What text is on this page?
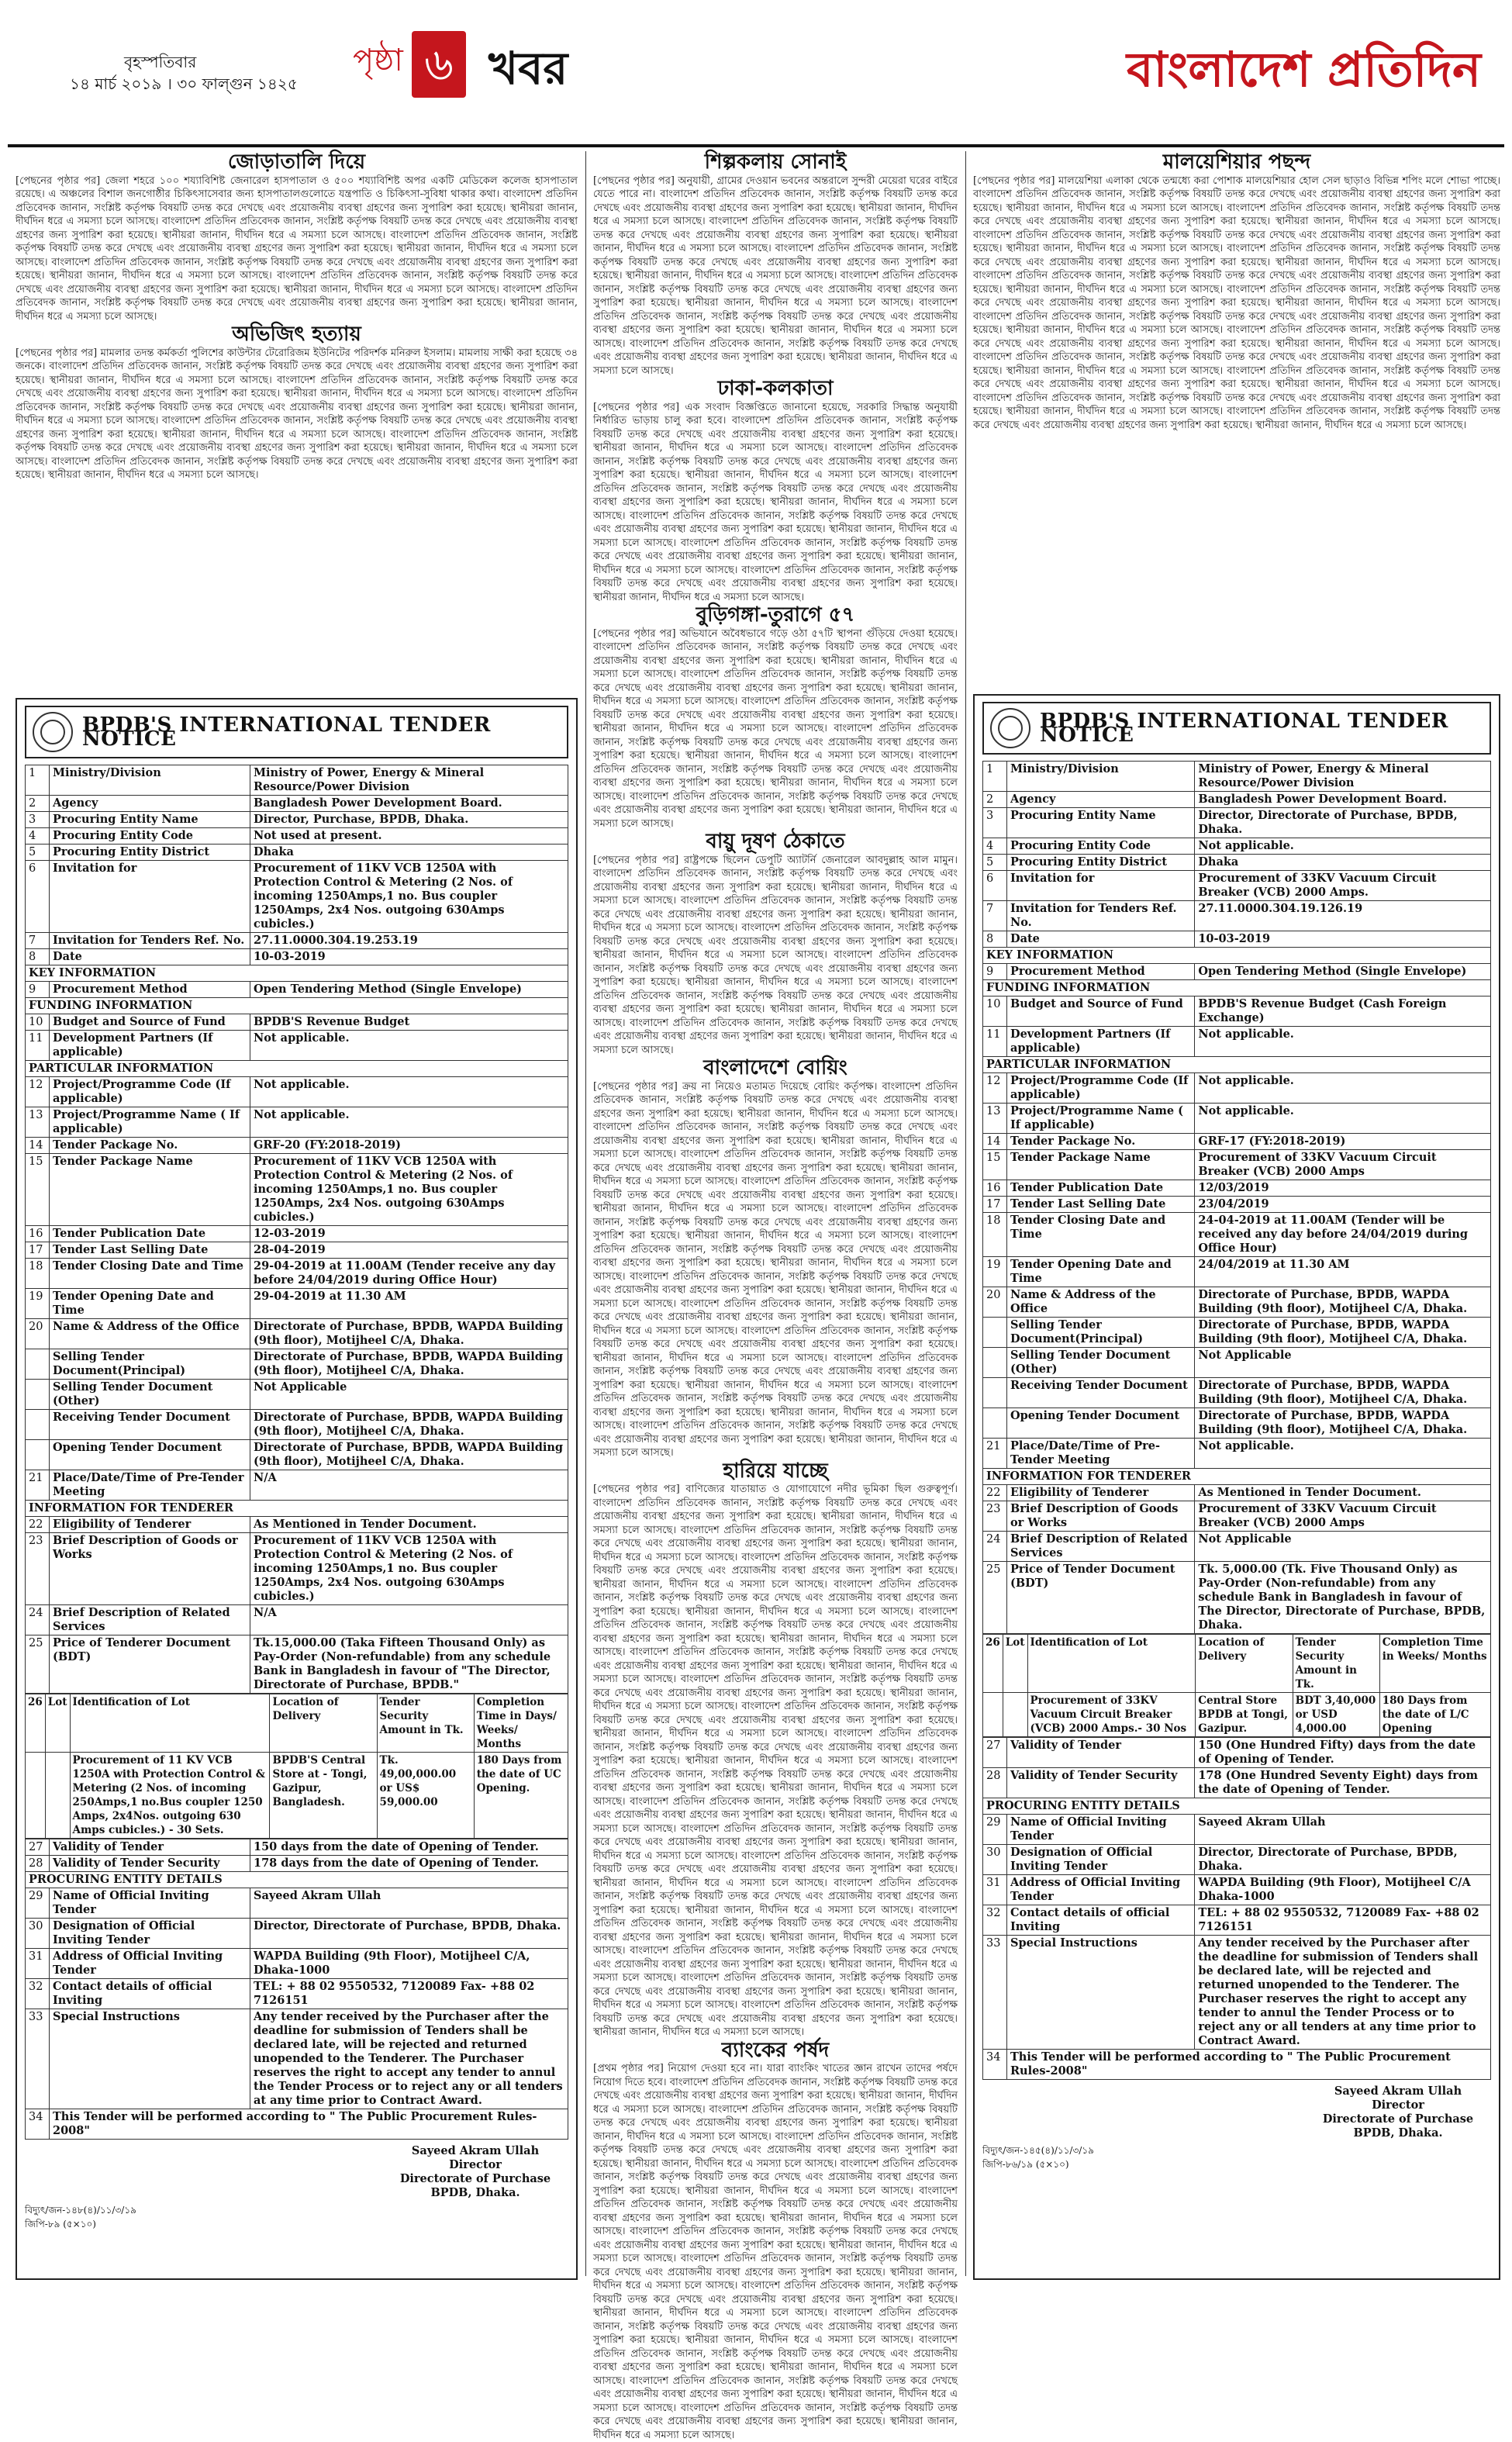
বৃহস্পতিবার
১৪ মার্চ ২০১৯ । ৩০ ফাল্গুন ১৪২৫
পৃষ্ঠা ৬ খবর	বাংলাদেশ প্রতিদিন
জোড়াতালি দিয়ে

[পেছনের পৃষ্ঠার পর] জেলা শহরে ১০০ শয্যাবিশিষ্ট জেনারেল হাসপাতাল ও ৫০০ শয্যাবিশিষ্ট অপর একটি মেডিকেল কলেজ হাসপাতাল রয়েছে। এ অঞ্চলের বিশাল জনগোষ্ঠীর চিকিৎসাসেবার জন্য হাসপাতালগুলোতে যন্ত্রপাতি ও চিকিৎসা-সুবিধা থাকার কথা। বাংলাদেশ প্রতিদিন প্রতিবেদক জানান, সংশ্লিষ্ট কর্তৃপক্ষ বিষয়টি তদন্ত করে দেখছে এবং প্রয়োজনীয় ব্যবস্থা গ্রহণের জন্য সুপারিশ করা হয়েছে। স্থানীয়রা জানান, দীর্ঘদিন ধরে এ সমস্যা চলে আসছে। বাংলাদেশ প্রতিদিন প্রতিবেদক জানান, সংশ্লিষ্ট কর্তৃপক্ষ বিষয়টি তদন্ত করে দেখছে এবং প্রয়োজনীয় ব্যবস্থা গ্রহণের জন্য সুপারিশ করা হয়েছে। স্থানীয়রা জানান, দীর্ঘদিন ধরে এ সমস্যা চলে আসছে। বাংলাদেশ প্রতিদিন প্রতিবেদক জানান, সংশ্লিষ্ট কর্তৃপক্ষ বিষয়টি তদন্ত করে দেখছে এবং প্রয়োজনীয় ব্যবস্থা গ্রহণের জন্য সুপারিশ করা হয়েছে। স্থানীয়রা জানান, দীর্ঘদিন ধরে এ সমস্যা চলে আসছে। বাংলাদেশ প্রতিদিন প্রতিবেদক জানান, সংশ্লিষ্ট কর্তৃপক্ষ বিষয়টি তদন্ত করে দেখছে এবং প্রয়োজনীয় ব্যবস্থা গ্রহণের জন্য সুপারিশ করা হয়েছে। স্থানীয়রা জানান, দীর্ঘদিন ধরে এ সমস্যা চলে আসছে। বাংলাদেশ প্রতিদিন প্রতিবেদক জানান, সংশ্লিষ্ট কর্তৃপক্ষ বিষয়টি তদন্ত করে দেখছে এবং প্রয়োজনীয় ব্যবস্থা গ্রহণের জন্য সুপারিশ করা হয়েছে। স্থানীয়রা জানান, দীর্ঘদিন ধরে এ সমস্যা চলে আসছে। বাংলাদেশ প্রতিদিন প্রতিবেদক জানান, সংশ্লিষ্ট কর্তৃপক্ষ বিষয়টি তদন্ত করে দেখছে এবং প্রয়োজনীয় ব্যবস্থা গ্রহণের জন্য সুপারিশ করা হয়েছে। স্থানীয়রা জানান, দীর্ঘদিন ধরে এ সমস্যা চলে আসছে।

অভিজিৎ হত্যায়

[পেছনের পৃষ্ঠার পর] মামলার তদন্ত কর্মকর্তা পুলিশের কাউন্টার টেরোরিজম ইউনিটের পরিদর্শক মনিরুল ইসলাম। মামলায় সাক্ষী করা হয়েছে ৩৪ জনকে। বাংলাদেশ প্রতিদিন প্রতিবেদক জানান, সংশ্লিষ্ট কর্তৃপক্ষ বিষয়টি তদন্ত করে দেখছে এবং প্রয়োজনীয় ব্যবস্থা গ্রহণের জন্য সুপারিশ করা হয়েছে। স্থানীয়রা জানান, দীর্ঘদিন ধরে এ সমস্যা চলে আসছে। বাংলাদেশ প্রতিদিন প্রতিবেদক জানান, সংশ্লিষ্ট কর্তৃপক্ষ বিষয়টি তদন্ত করে দেখছে এবং প্রয়োজনীয় ব্যবস্থা গ্রহণের জন্য সুপারিশ করা হয়েছে। স্থানীয়রা জানান, দীর্ঘদিন ধরে এ সমস্যা চলে আসছে। বাংলাদেশ প্রতিদিন প্রতিবেদক জানান, সংশ্লিষ্ট কর্তৃপক্ষ বিষয়টি তদন্ত করে দেখছে এবং প্রয়োজনীয় ব্যবস্থা গ্রহণের জন্য সুপারিশ করা হয়েছে। স্থানীয়রা জানান, দীর্ঘদিন ধরে এ সমস্যা চলে আসছে। বাংলাদেশ প্রতিদিন প্রতিবেদক জানান, সংশ্লিষ্ট কর্তৃপক্ষ বিষয়টি তদন্ত করে দেখছে এবং প্রয়োজনীয় ব্যবস্থা গ্রহণের জন্য সুপারিশ করা হয়েছে। স্থানীয়রা জানান, দীর্ঘদিন ধরে এ সমস্যা চলে আসছে। বাংলাদেশ প্রতিদিন প্রতিবেদক জানান, সংশ্লিষ্ট কর্তৃপক্ষ বিষয়টি তদন্ত করে দেখছে এবং প্রয়োজনীয় ব্যবস্থা গ্রহণের জন্য সুপারিশ করা হয়েছে। স্থানীয়রা জানান, দীর্ঘদিন ধরে এ সমস্যা চলে আসছে। বাংলাদেশ প্রতিদিন প্রতিবেদক জানান, সংশ্লিষ্ট কর্তৃপক্ষ বিষয়টি তদন্ত করে দেখছে এবং প্রয়োজনীয় ব্যবস্থা গ্রহণের জন্য সুপারিশ করা হয়েছে। স্থানীয়রা জানান, দীর্ঘদিন ধরে এ সমস্যা চলে আসছে।

শিল্পকলায় সোনাই

[পেছনের পৃষ্ঠার পর] অনুযায়ী, গ্রামের দেওয়ান ভবনের অন্তরালে সুন্দরী মেয়েরা ঘরের বাইরে যেতে পারে না। বাংলাদেশ প্রতিদিন প্রতিবেদক জানান, সংশ্লিষ্ট কর্তৃপক্ষ বিষয়টি তদন্ত করে দেখছে এবং প্রয়োজনীয় ব্যবস্থা গ্রহণের জন্য সুপারিশ করা হয়েছে। স্থানীয়রা জানান, দীর্ঘদিন ধরে এ সমস্যা চলে আসছে। বাংলাদেশ প্রতিদিন প্রতিবেদক জানান, সংশ্লিষ্ট কর্তৃপক্ষ বিষয়টি তদন্ত করে দেখছে এবং প্রয়োজনীয় ব্যবস্থা গ্রহণের জন্য সুপারিশ করা হয়েছে। স্থানীয়রা জানান, দীর্ঘদিন ধরে এ সমস্যা চলে আসছে। বাংলাদেশ প্রতিদিন প্রতিবেদক জানান, সংশ্লিষ্ট কর্তৃপক্ষ বিষয়টি তদন্ত করে দেখছে এবং প্রয়োজনীয় ব্যবস্থা গ্রহণের জন্য সুপারিশ করা হয়েছে। স্থানীয়রা জানান, দীর্ঘদিন ধরে এ সমস্যা চলে আসছে। বাংলাদেশ প্রতিদিন প্রতিবেদক জানান, সংশ্লিষ্ট কর্তৃপক্ষ বিষয়টি তদন্ত করে দেখছে এবং প্রয়োজনীয় ব্যবস্থা গ্রহণের জন্য সুপারিশ করা হয়েছে। স্থানীয়রা জানান, দীর্ঘদিন ধরে এ সমস্যা চলে আসছে। বাংলাদেশ প্রতিদিন প্রতিবেদক জানান, সংশ্লিষ্ট কর্তৃপক্ষ বিষয়টি তদন্ত করে দেখছে এবং প্রয়োজনীয় ব্যবস্থা গ্রহণের জন্য সুপারিশ করা হয়েছে। স্থানীয়রা জানান, দীর্ঘদিন ধরে এ সমস্যা চলে আসছে। বাংলাদেশ প্রতিদিন প্রতিবেদক জানান, সংশ্লিষ্ট কর্তৃপক্ষ বিষয়টি তদন্ত করে দেখছে এবং প্রয়োজনীয় ব্যবস্থা গ্রহণের জন্য সুপারিশ করা হয়েছে। স্থানীয়রা জানান, দীর্ঘদিন ধরে এ সমস্যা চলে আসছে।

ঢাকা-কলকাতা

[পেছনের পৃষ্ঠার পর] এক সংবাদ বিজ্ঞপ্তিতে জানানো হয়েছে, সরকারি সিদ্ধান্ত অনুযায়ী নির্ধারিত ভাড়ায় চালু করা হবে। বাংলাদেশ প্রতিদিন প্রতিবেদক জানান, সংশ্লিষ্ট কর্তৃপক্ষ বিষয়টি তদন্ত করে দেখছে এবং প্রয়োজনীয় ব্যবস্থা গ্রহণের জন্য সুপারিশ করা হয়েছে। স্থানীয়রা জানান, দীর্ঘদিন ধরে এ সমস্যা চলে আসছে। বাংলাদেশ প্রতিদিন প্রতিবেদক জানান, সংশ্লিষ্ট কর্তৃপক্ষ বিষয়টি তদন্ত করে দেখছে এবং প্রয়োজনীয় ব্যবস্থা গ্রহণের জন্য সুপারিশ করা হয়েছে। স্থানীয়রা জানান, দীর্ঘদিন ধরে এ সমস্যা চলে আসছে। বাংলাদেশ প্রতিদিন প্রতিবেদক জানান, সংশ্লিষ্ট কর্তৃপক্ষ বিষয়টি তদন্ত করে দেখছে এবং প্রয়োজনীয় ব্যবস্থা গ্রহণের জন্য সুপারিশ করা হয়েছে। স্থানীয়রা জানান, দীর্ঘদিন ধরে এ সমস্যা চলে আসছে। বাংলাদেশ প্রতিদিন প্রতিবেদক জানান, সংশ্লিষ্ট কর্তৃপক্ষ বিষয়টি তদন্ত করে দেখছে এবং প্রয়োজনীয় ব্যবস্থা গ্রহণের জন্য সুপারিশ করা হয়েছে। স্থানীয়রা জানান, দীর্ঘদিন ধরে এ সমস্যা চলে আসছে। বাংলাদেশ প্রতিদিন প্রতিবেদক জানান, সংশ্লিষ্ট কর্তৃপক্ষ বিষয়টি তদন্ত করে দেখছে এবং প্রয়োজনীয় ব্যবস্থা গ্রহণের জন্য সুপারিশ করা হয়েছে। স্থানীয়রা জানান, দীর্ঘদিন ধরে এ সমস্যা চলে আসছে। বাংলাদেশ প্রতিদিন প্রতিবেদক জানান, সংশ্লিষ্ট কর্তৃপক্ষ বিষয়টি তদন্ত করে দেখছে এবং প্রয়োজনীয় ব্যবস্থা গ্রহণের জন্য সুপারিশ করা হয়েছে। স্থানীয়রা জানান, দীর্ঘদিন ধরে এ সমস্যা চলে আসছে।

বুড়িগঙ্গা-তুরাগে ৫৭

[পেছনের পৃষ্ঠার পর] অভিযানে অবৈধভাবে গড়ে ওঠা ৫৭টি স্থাপনা গুঁড়িয়ে দেওয়া হয়েছে। বাংলাদেশ প্রতিদিন প্রতিবেদক জানান, সংশ্লিষ্ট কর্তৃপক্ষ বিষয়টি তদন্ত করে দেখছে এবং প্রয়োজনীয় ব্যবস্থা গ্রহণের জন্য সুপারিশ করা হয়েছে। স্থানীয়রা জানান, দীর্ঘদিন ধরে এ সমস্যা চলে আসছে। বাংলাদেশ প্রতিদিন প্রতিবেদক জানান, সংশ্লিষ্ট কর্তৃপক্ষ বিষয়টি তদন্ত করে দেখছে এবং প্রয়োজনীয় ব্যবস্থা গ্রহণের জন্য সুপারিশ করা হয়েছে। স্থানীয়রা জানান, দীর্ঘদিন ধরে এ সমস্যা চলে আসছে। বাংলাদেশ প্রতিদিন প্রতিবেদক জানান, সংশ্লিষ্ট কর্তৃপক্ষ বিষয়টি তদন্ত করে দেখছে এবং প্রয়োজনীয় ব্যবস্থা গ্রহণের জন্য সুপারিশ করা হয়েছে। স্থানীয়রা জানান, দীর্ঘদিন ধরে এ সমস্যা চলে আসছে। বাংলাদেশ প্রতিদিন প্রতিবেদক জানান, সংশ্লিষ্ট কর্তৃপক্ষ বিষয়টি তদন্ত করে দেখছে এবং প্রয়োজনীয় ব্যবস্থা গ্রহণের জন্য সুপারিশ করা হয়েছে। স্থানীয়রা জানান, দীর্ঘদিন ধরে এ সমস্যা চলে আসছে। বাংলাদেশ প্রতিদিন প্রতিবেদক জানান, সংশ্লিষ্ট কর্তৃপক্ষ বিষয়টি তদন্ত করে দেখছে এবং প্রয়োজনীয় ব্যবস্থা গ্রহণের জন্য সুপারিশ করা হয়েছে। স্থানীয়রা জানান, দীর্ঘদিন ধরে এ সমস্যা চলে আসছে। বাংলাদেশ প্রতিদিন প্রতিবেদক জানান, সংশ্লিষ্ট কর্তৃপক্ষ বিষয়টি তদন্ত করে দেখছে এবং প্রয়োজনীয় ব্যবস্থা গ্রহণের জন্য সুপারিশ করা হয়েছে। স্থানীয়রা জানান, দীর্ঘদিন ধরে এ সমস্যা চলে আসছে।

বায়ু দূষণ ঠেকাতে

[পেছনের পৃষ্ঠার পর] রাষ্ট্রপক্ষে ছিলেন ডেপুটি অ্যাটর্নি জেনারেল আবদুল্লাহ আল মামুন। বাংলাদেশ প্রতিদিন প্রতিবেদক জানান, সংশ্লিষ্ট কর্তৃপক্ষ বিষয়টি তদন্ত করে দেখছে এবং প্রয়োজনীয় ব্যবস্থা গ্রহণের জন্য সুপারিশ করা হয়েছে। স্থানীয়রা জানান, দীর্ঘদিন ধরে এ সমস্যা চলে আসছে। বাংলাদেশ প্রতিদিন প্রতিবেদক জানান, সংশ্লিষ্ট কর্তৃপক্ষ বিষয়টি তদন্ত করে দেখছে এবং প্রয়োজনীয় ব্যবস্থা গ্রহণের জন্য সুপারিশ করা হয়েছে। স্থানীয়রা জানান, দীর্ঘদিন ধরে এ সমস্যা চলে আসছে। বাংলাদেশ প্রতিদিন প্রতিবেদক জানান, সংশ্লিষ্ট কর্তৃপক্ষ বিষয়টি তদন্ত করে দেখছে এবং প্রয়োজনীয় ব্যবস্থা গ্রহণের জন্য সুপারিশ করা হয়েছে। স্থানীয়রা জানান, দীর্ঘদিন ধরে এ সমস্যা চলে আসছে। বাংলাদেশ প্রতিদিন প্রতিবেদক জানান, সংশ্লিষ্ট কর্তৃপক্ষ বিষয়টি তদন্ত করে দেখছে এবং প্রয়োজনীয় ব্যবস্থা গ্রহণের জন্য সুপারিশ করা হয়েছে। স্থানীয়রা জানান, দীর্ঘদিন ধরে এ সমস্যা চলে আসছে। বাংলাদেশ প্রতিদিন প্রতিবেদক জানান, সংশ্লিষ্ট কর্তৃপক্ষ বিষয়টি তদন্ত করে দেখছে এবং প্রয়োজনীয় ব্যবস্থা গ্রহণের জন্য সুপারিশ করা হয়েছে। স্থানীয়রা জানান, দীর্ঘদিন ধরে এ সমস্যা চলে আসছে। বাংলাদেশ প্রতিদিন প্রতিবেদক জানান, সংশ্লিষ্ট কর্তৃপক্ষ বিষয়টি তদন্ত করে দেখছে এবং প্রয়োজনীয় ব্যবস্থা গ্রহণের জন্য সুপারিশ করা হয়েছে। স্থানীয়রা জানান, দীর্ঘদিন ধরে এ সমস্যা চলে আসছে।

বাংলাদেশে বোয়িং

[পেছনের পৃষ্ঠার পর] ক্রয় না নিয়েও মতামত দিয়েছে বোয়িং কর্তৃপক্ষ। বাংলাদেশ প্রতিদিন প্রতিবেদক জানান, সংশ্লিষ্ট কর্তৃপক্ষ বিষয়টি তদন্ত করে দেখছে এবং প্রয়োজনীয় ব্যবস্থা গ্রহণের জন্য সুপারিশ করা হয়েছে। স্থানীয়রা জানান, দীর্ঘদিন ধরে এ সমস্যা চলে আসছে। বাংলাদেশ প্রতিদিন প্রতিবেদক জানান, সংশ্লিষ্ট কর্তৃপক্ষ বিষয়টি তদন্ত করে দেখছে এবং প্রয়োজনীয় ব্যবস্থা গ্রহণের জন্য সুপারিশ করা হয়েছে। স্থানীয়রা জানান, দীর্ঘদিন ধরে এ সমস্যা চলে আসছে। বাংলাদেশ প্রতিদিন প্রতিবেদক জানান, সংশ্লিষ্ট কর্তৃপক্ষ বিষয়টি তদন্ত করে দেখছে এবং প্রয়োজনীয় ব্যবস্থা গ্রহণের জন্য সুপারিশ করা হয়েছে। স্থানীয়রা জানান, দীর্ঘদিন ধরে এ সমস্যা চলে আসছে। বাংলাদেশ প্রতিদিন প্রতিবেদক জানান, সংশ্লিষ্ট কর্তৃপক্ষ বিষয়টি তদন্ত করে দেখছে এবং প্রয়োজনীয় ব্যবস্থা গ্রহণের জন্য সুপারিশ করা হয়েছে। স্থানীয়রা জানান, দীর্ঘদিন ধরে এ সমস্যা চলে আসছে। বাংলাদেশ প্রতিদিন প্রতিবেদক জানান, সংশ্লিষ্ট কর্তৃপক্ষ বিষয়টি তদন্ত করে দেখছে এবং প্রয়োজনীয় ব্যবস্থা গ্রহণের জন্য সুপারিশ করা হয়েছে। স্থানীয়রা জানান, দীর্ঘদিন ধরে এ সমস্যা চলে আসছে। বাংলাদেশ প্রতিদিন প্রতিবেদক জানান, সংশ্লিষ্ট কর্তৃপক্ষ বিষয়টি তদন্ত করে দেখছে এবং প্রয়োজনীয় ব্যবস্থা গ্রহণের জন্য সুপারিশ করা হয়েছে। স্থানীয়রা জানান, দীর্ঘদিন ধরে এ সমস্যা চলে আসছে। বাংলাদেশ প্রতিদিন প্রতিবেদক জানান, সংশ্লিষ্ট কর্তৃপক্ষ বিষয়টি তদন্ত করে দেখছে এবং প্রয়োজনীয় ব্যবস্থা গ্রহণের জন্য সুপারিশ করা হয়েছে। স্থানীয়রা জানান, দীর্ঘদিন ধরে এ সমস্যা চলে আসছে। বাংলাদেশ প্রতিদিন প্রতিবেদক জানান, সংশ্লিষ্ট কর্তৃপক্ষ বিষয়টি তদন্ত করে দেখছে এবং প্রয়োজনীয় ব্যবস্থা গ্রহণের জন্য সুপারিশ করা হয়েছে। স্থানীয়রা জানান, দীর্ঘদিন ধরে এ সমস্যা চলে আসছে। বাংলাদেশ প্রতিদিন প্রতিবেদক জানান, সংশ্লিষ্ট কর্তৃপক্ষ বিষয়টি তদন্ত করে দেখছে এবং প্রয়োজনীয় ব্যবস্থা গ্রহণের জন্য সুপারিশ করা হয়েছে। স্থানীয়রা জানান, দীর্ঘদিন ধরে এ সমস্যা চলে আসছে। বাংলাদেশ প্রতিদিন প্রতিবেদক জানান, সংশ্লিষ্ট কর্তৃপক্ষ বিষয়টি তদন্ত করে দেখছে এবং প্রয়োজনীয় ব্যবস্থা গ্রহণের জন্য সুপারিশ করা হয়েছে। স্থানীয়রা জানান, দীর্ঘদিন ধরে এ সমস্যা চলে আসছে। বাংলাদেশ প্রতিদিন প্রতিবেদক জানান, সংশ্লিষ্ট কর্তৃপক্ষ বিষয়টি তদন্ত করে দেখছে এবং প্রয়োজনীয় ব্যবস্থা গ্রহণের জন্য সুপারিশ করা হয়েছে। স্থানীয়রা জানান, দীর্ঘদিন ধরে এ সমস্যা চলে আসছে। বাংলাদেশ প্রতিদিন প্রতিবেদক জানান, সংশ্লিষ্ট কর্তৃপক্ষ বিষয়টি তদন্ত করে দেখছে এবং প্রয়োজনীয় ব্যবস্থা গ্রহণের জন্য সুপারিশ করা হয়েছে। স্থানীয়রা জানান, দীর্ঘদিন ধরে এ সমস্যা চলে আসছে।

হারিয়ে যাচ্ছে

[পেছনের পৃষ্ঠার পর] বাণিজ্যের যাতায়াত ও যোগাযোগে নদীর ভূমিকা ছিল গুরুত্বপূর্ণ। বাংলাদেশ প্রতিদিন প্রতিবেদক জানান, সংশ্লিষ্ট কর্তৃপক্ষ বিষয়টি তদন্ত করে দেখছে এবং প্রয়োজনীয় ব্যবস্থা গ্রহণের জন্য সুপারিশ করা হয়েছে। স্থানীয়রা জানান, দীর্ঘদিন ধরে এ সমস্যা চলে আসছে। বাংলাদেশ প্রতিদিন প্রতিবেদক জানান, সংশ্লিষ্ট কর্তৃপক্ষ বিষয়টি তদন্ত করে দেখছে এবং প্রয়োজনীয় ব্যবস্থা গ্রহণের জন্য সুপারিশ করা হয়েছে। স্থানীয়রা জানান, দীর্ঘদিন ধরে এ সমস্যা চলে আসছে। বাংলাদেশ প্রতিদিন প্রতিবেদক জানান, সংশ্লিষ্ট কর্তৃপক্ষ বিষয়টি তদন্ত করে দেখছে এবং প্রয়োজনীয় ব্যবস্থা গ্রহণের জন্য সুপারিশ করা হয়েছে। স্থানীয়রা জানান, দীর্ঘদিন ধরে এ সমস্যা চলে আসছে। বাংলাদেশ প্রতিদিন প্রতিবেদক জানান, সংশ্লিষ্ট কর্তৃপক্ষ বিষয়টি তদন্ত করে দেখছে এবং প্রয়োজনীয় ব্যবস্থা গ্রহণের জন্য সুপারিশ করা হয়েছে। স্থানীয়রা জানান, দীর্ঘদিন ধরে এ সমস্যা চলে আসছে। বাংলাদেশ প্রতিদিন প্রতিবেদক জানান, সংশ্লিষ্ট কর্তৃপক্ষ বিষয়টি তদন্ত করে দেখছে এবং প্রয়োজনীয় ব্যবস্থা গ্রহণের জন্য সুপারিশ করা হয়েছে। স্থানীয়রা জানান, দীর্ঘদিন ধরে এ সমস্যা চলে আসছে। বাংলাদেশ প্রতিদিন প্রতিবেদক জানান, সংশ্লিষ্ট কর্তৃপক্ষ বিষয়টি তদন্ত করে দেখছে এবং প্রয়োজনীয় ব্যবস্থা গ্রহণের জন্য সুপারিশ করা হয়েছে। স্থানীয়রা জানান, দীর্ঘদিন ধরে এ সমস্যা চলে আসছে। বাংলাদেশ প্রতিদিন প্রতিবেদক জানান, সংশ্লিষ্ট কর্তৃপক্ষ বিষয়টি তদন্ত করে দেখছে এবং প্রয়োজনীয় ব্যবস্থা গ্রহণের জন্য সুপারিশ করা হয়েছে। স্থানীয়রা জানান, দীর্ঘদিন ধরে এ সমস্যা চলে আসছে। বাংলাদেশ প্রতিদিন প্রতিবেদক জানান, সংশ্লিষ্ট কর্তৃপক্ষ বিষয়টি তদন্ত করে দেখছে এবং প্রয়োজনীয় ব্যবস্থা গ্রহণের জন্য সুপারিশ করা হয়েছে। স্থানীয়রা জানান, দীর্ঘদিন ধরে এ সমস্যা চলে আসছে। বাংলাদেশ প্রতিদিন প্রতিবেদক জানান, সংশ্লিষ্ট কর্তৃপক্ষ বিষয়টি তদন্ত করে দেখছে এবং প্রয়োজনীয় ব্যবস্থা গ্রহণের জন্য সুপারিশ করা হয়েছে। স্থানীয়রা জানান, দীর্ঘদিন ধরে এ সমস্যা চলে আসছে। বাংলাদেশ প্রতিদিন প্রতিবেদক জানান, সংশ্লিষ্ট কর্তৃপক্ষ বিষয়টি তদন্ত করে দেখছে এবং প্রয়োজনীয় ব্যবস্থা গ্রহণের জন্য সুপারিশ করা হয়েছে। স্থানীয়রা জানান, দীর্ঘদিন ধরে এ সমস্যা চলে আসছে। বাংলাদেশ প্রতিদিন প্রতিবেদক জানান, সংশ্লিষ্ট কর্তৃপক্ষ বিষয়টি তদন্ত করে দেখছে এবং প্রয়োজনীয় ব্যবস্থা গ্রহণের জন্য সুপারিশ করা হয়েছে। স্থানীয়রা জানান, দীর্ঘদিন ধরে এ সমস্যা চলে আসছে। বাংলাদেশ প্রতিদিন প্রতিবেদক জানান, সংশ্লিষ্ট কর্তৃপক্ষ বিষয়টি তদন্ত করে দেখছে এবং প্রয়োজনীয় ব্যবস্থা গ্রহণের জন্য সুপারিশ করা হয়েছে। স্থানীয়রা জানান, দীর্ঘদিন ধরে এ সমস্যা চলে আসছে। বাংলাদেশ প্রতিদিন প্রতিবেদক জানান, সংশ্লিষ্ট কর্তৃপক্ষ বিষয়টি তদন্ত করে দেখছে এবং প্রয়োজনীয় ব্যবস্থা গ্রহণের জন্য সুপারিশ করা হয়েছে। স্থানীয়রা জানান, দীর্ঘদিন ধরে এ সমস্যা চলে আসছে। বাংলাদেশ প্রতিদিন প্রতিবেদক জানান, সংশ্লিষ্ট কর্তৃপক্ষ বিষয়টি তদন্ত করে দেখছে এবং প্রয়োজনীয় ব্যবস্থা গ্রহণের জন্য সুপারিশ করা হয়েছে। স্থানীয়রা জানান, দীর্ঘদিন ধরে এ সমস্যা চলে আসছে। বাংলাদেশ প্রতিদিন প্রতিবেদক জানান, সংশ্লিষ্ট কর্তৃপক্ষ বিষয়টি তদন্ত করে দেখছে এবং প্রয়োজনীয় ব্যবস্থা গ্রহণের জন্য সুপারিশ করা হয়েছে। স্থানীয়রা জানান, দীর্ঘদিন ধরে এ সমস্যা চলে আসছে। বাংলাদেশ প্রতিদিন প্রতিবেদক জানান, সংশ্লিষ্ট কর্তৃপক্ষ বিষয়টি তদন্ত করে দেখছে এবং প্রয়োজনীয় ব্যবস্থা গ্রহণের জন্য সুপারিশ করা হয়েছে। স্থানীয়রা জানান, দীর্ঘদিন ধরে এ সমস্যা চলে আসছে। বাংলাদেশ প্রতিদিন প্রতিবেদক জানান, সংশ্লিষ্ট কর্তৃপক্ষ বিষয়টি তদন্ত করে দেখছে এবং প্রয়োজনীয় ব্যবস্থা গ্রহণের জন্য সুপারিশ করা হয়েছে। স্থানীয়রা জানান, দীর্ঘদিন ধরে এ সমস্যা চলে আসছে। বাংলাদেশ প্রতিদিন প্রতিবেদক জানান, সংশ্লিষ্ট কর্তৃপক্ষ বিষয়টি তদন্ত করে দেখছে এবং প্রয়োজনীয় ব্যবস্থা গ্রহণের জন্য সুপারিশ করা হয়েছে। স্থানীয়রা জানান, দীর্ঘদিন ধরে এ সমস্যা চলে আসছে।

ব্যাংকের পর্ষদ

[প্রথম পৃষ্ঠার পর] নিয়োগ দেওয়া হবে না। যারা ব্যাংকিং খাতের জ্ঞান রাখেন তাদের পর্ষদে নিয়োগ দিতে হবে। বাংলাদেশ প্রতিদিন প্রতিবেদক জানান, সংশ্লিষ্ট কর্তৃপক্ষ বিষয়টি তদন্ত করে দেখছে এবং প্রয়োজনীয় ব্যবস্থা গ্রহণের জন্য সুপারিশ করা হয়েছে। স্থানীয়রা জানান, দীর্ঘদিন ধরে এ সমস্যা চলে আসছে। বাংলাদেশ প্রতিদিন প্রতিবেদক জানান, সংশ্লিষ্ট কর্তৃপক্ষ বিষয়টি তদন্ত করে দেখছে এবং প্রয়োজনীয় ব্যবস্থা গ্রহণের জন্য সুপারিশ করা হয়েছে। স্থানীয়রা জানান, দীর্ঘদিন ধরে এ সমস্যা চলে আসছে। বাংলাদেশ প্রতিদিন প্রতিবেদক জানান, সংশ্লিষ্ট কর্তৃপক্ষ বিষয়টি তদন্ত করে দেখছে এবং প্রয়োজনীয় ব্যবস্থা গ্রহণের জন্য সুপারিশ করা হয়েছে। স্থানীয়রা জানান, দীর্ঘদিন ধরে এ সমস্যা চলে আসছে। বাংলাদেশ প্রতিদিন প্রতিবেদক জানান, সংশ্লিষ্ট কর্তৃপক্ষ বিষয়টি তদন্ত করে দেখছে এবং প্রয়োজনীয় ব্যবস্থা গ্রহণের জন্য সুপারিশ করা হয়েছে। স্থানীয়রা জানান, দীর্ঘদিন ধরে এ সমস্যা চলে আসছে। বাংলাদেশ প্রতিদিন প্রতিবেদক জানান, সংশ্লিষ্ট কর্তৃপক্ষ বিষয়টি তদন্ত করে দেখছে এবং প্রয়োজনীয় ব্যবস্থা গ্রহণের জন্য সুপারিশ করা হয়েছে। স্থানীয়রা জানান, দীর্ঘদিন ধরে এ সমস্যা চলে আসছে। বাংলাদেশ প্রতিদিন প্রতিবেদক জানান, সংশ্লিষ্ট কর্তৃপক্ষ বিষয়টি তদন্ত করে দেখছে এবং প্রয়োজনীয় ব্যবস্থা গ্রহণের জন্য সুপারিশ করা হয়েছে। স্থানীয়রা জানান, দীর্ঘদিন ধরে এ সমস্যা চলে আসছে। বাংলাদেশ প্রতিদিন প্রতিবেদক জানান, সংশ্লিষ্ট কর্তৃপক্ষ বিষয়টি তদন্ত করে দেখছে এবং প্রয়োজনীয় ব্যবস্থা গ্রহণের জন্য সুপারিশ করা হয়েছে। স্থানীয়রা জানান, দীর্ঘদিন ধরে এ সমস্যা চলে আসছে। বাংলাদেশ প্রতিদিন প্রতিবেদক জানান, সংশ্লিষ্ট কর্তৃপক্ষ বিষয়টি তদন্ত করে দেখছে এবং প্রয়োজনীয় ব্যবস্থা গ্রহণের জন্য সুপারিশ করা হয়েছে। স্থানীয়রা জানান, দীর্ঘদিন ধরে এ সমস্যা চলে আসছে। বাংলাদেশ প্রতিদিন প্রতিবেদক জানান, সংশ্লিষ্ট কর্তৃপক্ষ বিষয়টি তদন্ত করে দেখছে এবং প্রয়োজনীয় ব্যবস্থা গ্রহণের জন্য সুপারিশ করা হয়েছে। স্থানীয়রা জানান, দীর্ঘদিন ধরে এ সমস্যা চলে আসছে। বাংলাদেশ প্রতিদিন প্রতিবেদক জানান, সংশ্লিষ্ট কর্তৃপক্ষ বিষয়টি তদন্ত করে দেখছে এবং প্রয়োজনীয় ব্যবস্থা গ্রহণের জন্য সুপারিশ করা হয়েছে। স্থানীয়রা জানান, দীর্ঘদিন ধরে এ সমস্যা চলে আসছে। বাংলাদেশ প্রতিদিন প্রতিবেদক জানান, সংশ্লিষ্ট কর্তৃপক্ষ বিষয়টি তদন্ত করে দেখছে এবং প্রয়োজনীয় ব্যবস্থা গ্রহণের জন্য সুপারিশ করা হয়েছে। স্থানীয়রা জানান, দীর্ঘদিন ধরে এ সমস্যা চলে আসছে। বাংলাদেশ প্রতিদিন প্রতিবেদক জানান, সংশ্লিষ্ট কর্তৃপক্ষ বিষয়টি তদন্ত করে দেখছে এবং প্রয়োজনীয় ব্যবস্থা গ্রহণের জন্য সুপারিশ করা হয়েছে। স্থানীয়রা জানান, দীর্ঘদিন ধরে এ সমস্যা চলে আসছে।

মালয়েশিয়ার পছন্দ

[পেছনের পৃষ্ঠার পর] মালয়েশিয়া এলাকা থেকে তন্মধ্যে করা পোশাক মালয়েশিয়ার হোল সেল ছাড়াও বিভিন্ন শপিং মলে শোভা পাচ্ছে। বাংলাদেশ প্রতিদিন প্রতিবেদক জানান, সংশ্লিষ্ট কর্তৃপক্ষ বিষয়টি তদন্ত করে দেখছে এবং প্রয়োজনীয় ব্যবস্থা গ্রহণের জন্য সুপারিশ করা হয়েছে। স্থানীয়রা জানান, দীর্ঘদিন ধরে এ সমস্যা চলে আসছে। বাংলাদেশ প্রতিদিন প্রতিবেদক জানান, সংশ্লিষ্ট কর্তৃপক্ষ বিষয়টি তদন্ত করে দেখছে এবং প্রয়োজনীয় ব্যবস্থা গ্রহণের জন্য সুপারিশ করা হয়েছে। স্থানীয়রা জানান, দীর্ঘদিন ধরে এ সমস্যা চলে আসছে। বাংলাদেশ প্রতিদিন প্রতিবেদক জানান, সংশ্লিষ্ট কর্তৃপক্ষ বিষয়টি তদন্ত করে দেখছে এবং প্রয়োজনীয় ব্যবস্থা গ্রহণের জন্য সুপারিশ করা হয়েছে। স্থানীয়রা জানান, দীর্ঘদিন ধরে এ সমস্যা চলে আসছে। বাংলাদেশ প্রতিদিন প্রতিবেদক জানান, সংশ্লিষ্ট কর্তৃপক্ষ বিষয়টি তদন্ত করে দেখছে এবং প্রয়োজনীয় ব্যবস্থা গ্রহণের জন্য সুপারিশ করা হয়েছে। স্থানীয়রা জানান, দীর্ঘদিন ধরে এ সমস্যা চলে আসছে। বাংলাদেশ প্রতিদিন প্রতিবেদক জানান, সংশ্লিষ্ট কর্তৃপক্ষ বিষয়টি তদন্ত করে দেখছে এবং প্রয়োজনীয় ব্যবস্থা গ্রহণের জন্য সুপারিশ করা হয়েছে। স্থানীয়রা জানান, দীর্ঘদিন ধরে এ সমস্যা চলে আসছে। বাংলাদেশ প্রতিদিন প্রতিবেদক জানান, সংশ্লিষ্ট কর্তৃপক্ষ বিষয়টি তদন্ত করে দেখছে এবং প্রয়োজনীয় ব্যবস্থা গ্রহণের জন্য সুপারিশ করা হয়েছে। স্থানীয়রা জানান, দীর্ঘদিন ধরে এ সমস্যা চলে আসছে। বাংলাদেশ প্রতিদিন প্রতিবেদক জানান, সংশ্লিষ্ট কর্তৃপক্ষ বিষয়টি তদন্ত করে দেখছে এবং প্রয়োজনীয় ব্যবস্থা গ্রহণের জন্য সুপারিশ করা হয়েছে। স্থানীয়রা জানান, দীর্ঘদিন ধরে এ সমস্যা চলে আসছে। বাংলাদেশ প্রতিদিন প্রতিবেদক জানান, সংশ্লিষ্ট কর্তৃপক্ষ বিষয়টি তদন্ত করে দেখছে এবং প্রয়োজনীয় ব্যবস্থা গ্রহণের জন্য সুপারিশ করা হয়েছে। স্থানীয়রা জানান, দীর্ঘদিন ধরে এ সমস্যা চলে আসছে। বাংলাদেশ প্রতিদিন প্রতিবেদক জানান, সংশ্লিষ্ট কর্তৃপক্ষ বিষয়টি তদন্ত করে দেখছে এবং প্রয়োজনীয় ব্যবস্থা গ্রহণের জন্য সুপারিশ করা হয়েছে। স্থানীয়রা জানান, দীর্ঘদিন ধরে এ সমস্যা চলে আসছে। বাংলাদেশ প্রতিদিন প্রতিবেদক জানান, সংশ্লিষ্ট কর্তৃপক্ষ বিষয়টি তদন্ত করে দেখছে এবং প্রয়োজনীয় ব্যবস্থা গ্রহণের জন্য সুপারিশ করা হয়েছে। স্থানীয়রা জানান, দীর্ঘদিন ধরে এ সমস্যা চলে আসছে। বাংলাদেশ প্রতিদিন প্রতিবেদক জানান, সংশ্লিষ্ট কর্তৃপক্ষ বিষয়টি তদন্ত করে দেখছে এবং প্রয়োজনীয় ব্যবস্থা গ্রহণের জন্য সুপারিশ করা হয়েছে। স্থানীয়রা জানান, দীর্ঘদিন ধরে এ সমস্যা চলে আসছে। বাংলাদেশ প্রতিদিন প্রতিবেদক জানান, সংশ্লিষ্ট কর্তৃপক্ষ বিষয়টি তদন্ত করে দেখছে এবং প্রয়োজনীয় ব্যবস্থা গ্রহণের জন্য সুপারিশ করা হয়েছে। স্থানীয়রা জানান, দীর্ঘদিন ধরে এ সমস্যা চলে আসছে।

BPDB'S INTERNATIONAL TENDER NOTICE
1	Ministry/Division	Ministry of Power, Energy & Mineral Resource/Power Division
2	Agency	Bangladesh Power Development Board.
3	Procuring Entity Name	Director, Purchase, BPDB, Dhaka.
4	Procuring Entity Code	Not used at present.
5	Procuring Entity District	Dhaka
6	Invitation for	Procurement of 11KV VCB 1250A with Protection Control & Metering (2 Nos. of incoming 1250Amps,1 no. Bus coupler 1250Amps, 2x4 Nos. outgoing 630Amps cubicles.)
7	Invitation for Tenders Ref. No.	27.11.0000.304.19.253.19
8	Date	10-03-2019
KEY INFORMATION		
9	Procurement Method	Open Tendering Method (Single Envelope)
FUNDING INFORMATION		
10	Budget and Source of Fund	BPDB'S Revenue Budget
11	Development Partners (If applicable)	Not applicable.
PARTICULAR INFORMATION		
12	Project/Programme Code (If applicable)	Not applicable.
13	Project/Programme Name ( If applicable)	Not applicable.
14	Tender Package No.	GRF-20 (FY:2018-2019)
15	Tender Package Name	Procurement of 11KV VCB 1250A with Protection Control & Metering (2 Nos. of incoming 1250Amps,1 no. Bus coupler 1250Amps, 2x4 Nos. outgoing 630Amps cubicles.)
16	Tender Publication Date	12-03-2019
17	Tender Last Selling Date	28-04-2019
18	Tender Closing Date and Time	29-04-2019 at 11.00AM (Tender receive any day before 24/04/2019 during Office Hour)
19	Tender Opening Date and Time	29-04-2019 at 11.30 AM
20	Name & Address of the Office	Directorate of Purchase, BPDB, WAPDA Building (9th floor), Motijheel C/A, Dhaka.
	Selling Tender Document(Principal)	Directorate of Purchase, BPDB, WAPDA Building (9th floor), Motijheel C/A, Dhaka.
	Selling Tender Document (Other)	Not Applicable
	Receiving Tender Document	Directorate of Purchase, BPDB, WAPDA Building (9th floor), Motijheel C/A, Dhaka.
	Opening Tender Document	Directorate of Purchase, BPDB, WAPDA Building (9th floor), Motijheel C/A, Dhaka.
21	Place/Date/Time of Pre-Tender Meeting	N/A
INFORMATION FOR TENDERER		
22	Eligibility of Tenderer	As Mentioned in Tender Document.
23	Brief Description of Goods or Works	Procurement of 11KV VCB 1250A with Protection Control & Metering (2 Nos. of incoming 1250Amps,1 no. Bus coupler 1250Amps, 2x4 Nos. outgoing 630Amps cubicles.)
24	Brief Description of Related Services	N/A
25	Price of Tenderer Document (BDT)	Tk.15,000.00 (Taka Fifteen Thousand Only) as Pay-Order (Non-refundable) from any schedule Bank in Bangladesh in favour of "The Director, Directorate of Purchase, BPDB."
26	Lot	Identification of Lot	Location of Delivery	Tender Security Amount in Tk.	Completion Time in Days/ Weeks/ Months
		Procurement of 11 KV VCB 1250A with Protection Control & Metering (2 Nos. of incoming 250Amps,1 no.Bus coupler 1250 Amps, 2x4Nos. outgoing 630 Amps cubicles.) - 30 Sets.	BPDB'S Central Store at - Tongi, Gazipur, Bangladesh.	Tk. 49,00,000.00 or US$ 59,000.00	180 Days from the date of UC Opening.
27	Validity of Tender	150 days from the date of Opening of Tender.
28	Validity of Tender Security	178 days from the date of Opening of Tender.
PROCURING ENTITY DETAILS		
29	Name of Official Inviting Tender	Sayeed Akram Ullah
30	Designation of Official Inviting Tender	Director, Directorate of Purchase, BPDB, Dhaka.
31	Address of Official Inviting Tender	WAPDA Building (9th Floor), Motijheel C/A, Dhaka-1000
32	Contact details of official Inviting	TEL: + 88 02 9550532, 7120089 Fax- +88 02 7126151
33	Special Instructions	Any tender received by the Purchaser after the deadline for submission of Tenders shall be declared late, will be rejected and returned unopended to the Tenderer. The Purchaser reserves the right to accept any tender to annul the Tender Process or to reject any or all tenders at any time prior to Contract Award.
34	This Tender will be performed according to " The Public Procurement Rules-2008"	
Sayeed Akram Ullah
Director
Directorate of Purchase
BPDB, Dhaka.
বিদ্যুৎ/জন-১৪৮(৪)/১১/৩/১৯
জিপি-৮৯ (৫×১০)
BPDB'S INTERNATIONAL TENDER NOTICE
1	Ministry/Division	Ministry of Power, Energy & Mineral Resource/Power Division
2	Agency	Bangladesh Power Development Board.
3	Procuring Entity Name	Director, Directorate of Purchase, BPDB, Dhaka.
4	Procuring Entity Code	Not applicable.
5	Procuring Entity District	Dhaka
6	Invitation for	Procurement of 33KV Vacuum Circuit Breaker (VCB) 2000 Amps.
7	Invitation for Tenders Ref. No.	27.11.0000.304.19.126.19
8	Date	10-03-2019
KEY INFORMATION		
9	Procurement Method	Open Tendering Method (Single Envelope)
FUNDING INFORMATION		
10	Budget and Source of Fund	BPDB'S Revenue Budget (Cash Foreign Exchange)
11	Development Partners (If applicable)	Not applicable.
PARTICULAR INFORMATION		
12	Project/Programme Code (If applicable)	Not applicable.
13	Project/Programme Name ( If applicable)	Not applicable.
14	Tender Package No.	GRF-17 (FY:2018-2019)
15	Tender Package Name	Procurement of 33KV Vacuum Circuit Breaker (VCB) 2000 Amps
16	Tender Publication Date	12/03/2019
17	Tender Last Selling Date	23/04/2019
18	Tender Closing Date and Time	24-04-2019 at 11.00AM (Tender will be received any day before 24/04/2019 during Office Hour)
19	Tender Opening Date and Time	24/04/2019 at 11.30 AM
20	Name & Address of the Office	Directorate of Purchase, BPDB, WAPDA Building (9th floor), Motijheel C/A, Dhaka.
	Selling Tender Document(Principal)	Directorate of Purchase, BPDB, WAPDA Building (9th floor), Motijheel C/A, Dhaka.
	Selling Tender Document (Other)	Not Applicable
	Receiving Tender Document	Directorate of Purchase, BPDB, WAPDA Building (9th floor), Motijheel C/A, Dhaka.
	Opening Tender Document	Directorate of Purchase, BPDB, WAPDA Building (9th floor), Motijheel C/A, Dhaka.
21	Place/Date/Time of Pre-Tender Meeting	Not applicable.
INFORMATION FOR TENDERER		
22	Eligibility of Tenderer	As Mentioned in Tender Document.
23	Brief Description of Goods or Works	Procurement of 33KV Vacuum Circuit Breaker (VCB) 2000 Amps
24	Brief Description of Related Services	Not Applicable
25	Price of Tender Document (BDT)	Tk. 5,000.00 (Tk. Five Thousand Only) as Pay-Order (Non-refundable) from any schedule Bank in Bangladesh in favour of The Director, Directorate of Purchase, BPDB, Dhaka.
26	Lot	Identification of Lot	Location of Delivery	Tender Security Amount in Tk.	Completion Time in Weeks/ Months
		Procurement of 33KV Vacuum Circuit Breaker (VCB) 2000 Amps.- 30 Nos	Central Store BPDB at Tongi, Gazipur.	BDT 3,40,000 or USD 4,000.00	180 Days from the date of L/C Opening
27	Validity of Tender	150 (One Hundred Fifty) days from the date of Opening of Tender.
28	Validity of Tender Security	178 (One Hundred Seventy Eight) days from the date of Opening of Tender.
PROCURING ENTITY DETAILS		
29	Name of Official Inviting Tender	Sayeed Akram Ullah
30	Designation of Official Inviting Tender	Director, Directorate of Purchase, BPDB, Dhaka.
31	Address of Official Inviting Tender	WAPDA Building (9th Floor), Motijheel C/A Dhaka-1000
32	Contact details of official Inviting	TEL: + 88 02 9550532, 7120089 Fax- +88 02 7126151
33	Special Instructions	Any tender received by the Purchaser after the deadline for submission of Tenders shall be declared late, will be rejected and returned unopended to the Tenderer. The Purchaser reserves the right to accept any tender to annul the Tender Process or to reject any or all tenders at any time prior to Contract Award.
34	This Tender will be performed according to " The Public Procurement Rules-2008"	
Sayeed Akram Ullah
Director
Directorate of Purchase
BPDB, Dhaka.
বিদ্যুৎ/জন-১৪৫(৪)/১১/৩/১৯
জিপি-৮৬/১৯ (৫×১০)
